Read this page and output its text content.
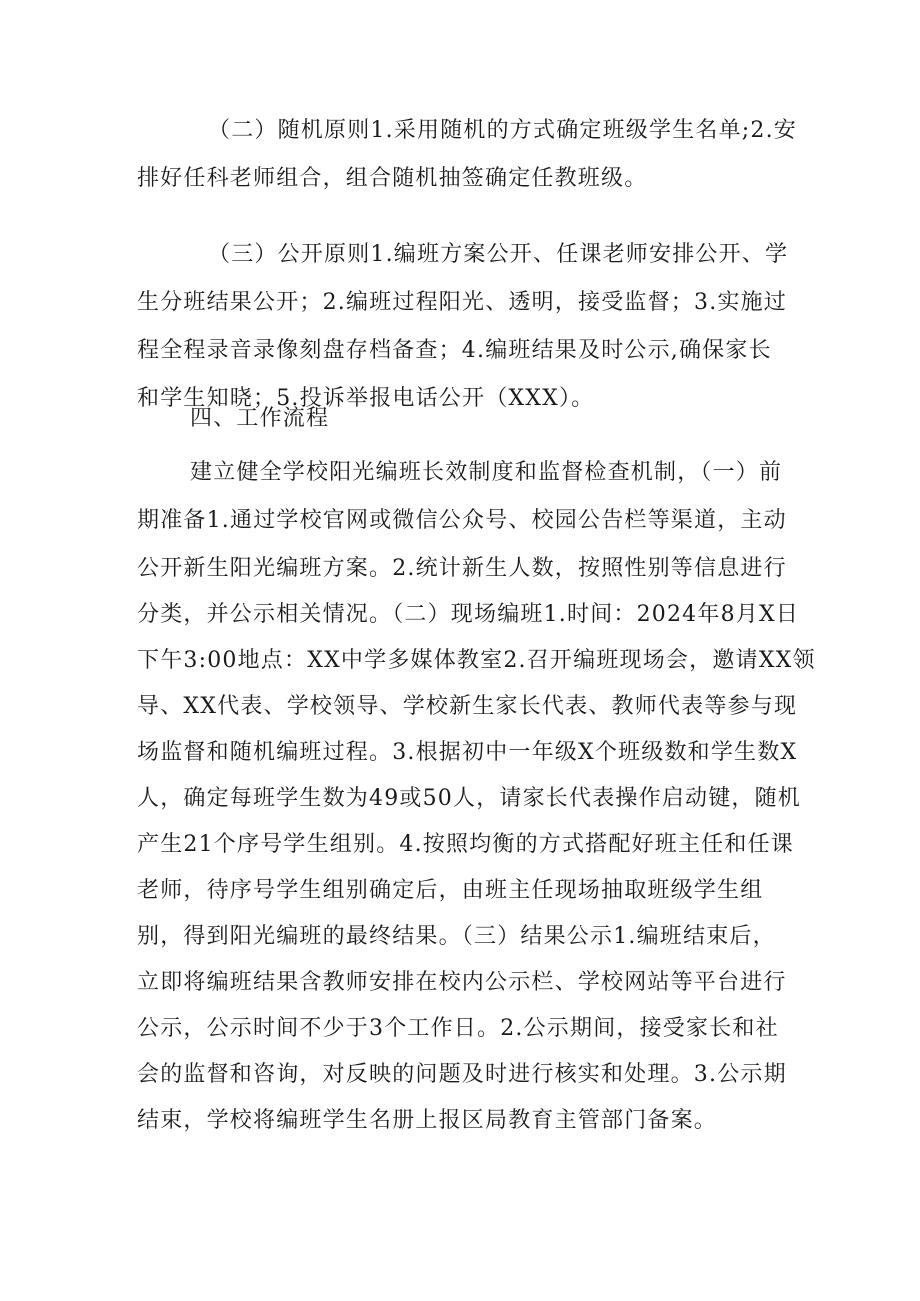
（二）随机原则1.采用随机的方式确定班级学生名单;2.安

排好任科老师组合，组合随机抽签确定任教班级。

（三）公开原则1.编班方案公开、任课老师安排公开、学

生分班结果公开；2.编班过程阳光、透明，接受监督；3.实施过

程全程录音录像刻盘存档备查；4.编班结果及时公示,确保家长

和学生知晓；5.投诉举报电话公开（XXX）。

四、工作流程

建立健全学校阳光编班长效制度和监督检查机制，（一）前

期准备1.通过学校官网或微信公众号、校园公告栏等渠道，主动

公开新生阳光编班方案。2.统计新生人数，按照性别等信息进行

分类，并公示相关情况。（二）现场编班1.时间：2024年8月X日

下午3:00地点：XX中学多媒体教室2.召开编班现场会，邀请XX领

导、XX代表、学校领导、学校新生家长代表、教师代表等参与现

场监督和随机编班过程。3.根据初中一年级X个班级数和学生数X

人，确定每班学生数为49或50人，请家长代表操作启动键，随机

产生21个序号学生组别。4.按照均衡的方式搭配好班主任和任课

老师，待序号学生组别确定后，由班主任现场抽取班级学生组

别，得到阳光编班的最终结果。（三）结果公示1.编班结束后，

立即将编班结果含教师安排在校内公示栏、学校网站等平台进行

公示，公示时间不少于3个工作日。2.公示期间，接受家长和社

会的监督和咨询，对反映的问题及时进行核实和处理。3.公示期

结束，学校将编班学生名册上报区局教育主管部门备案。
